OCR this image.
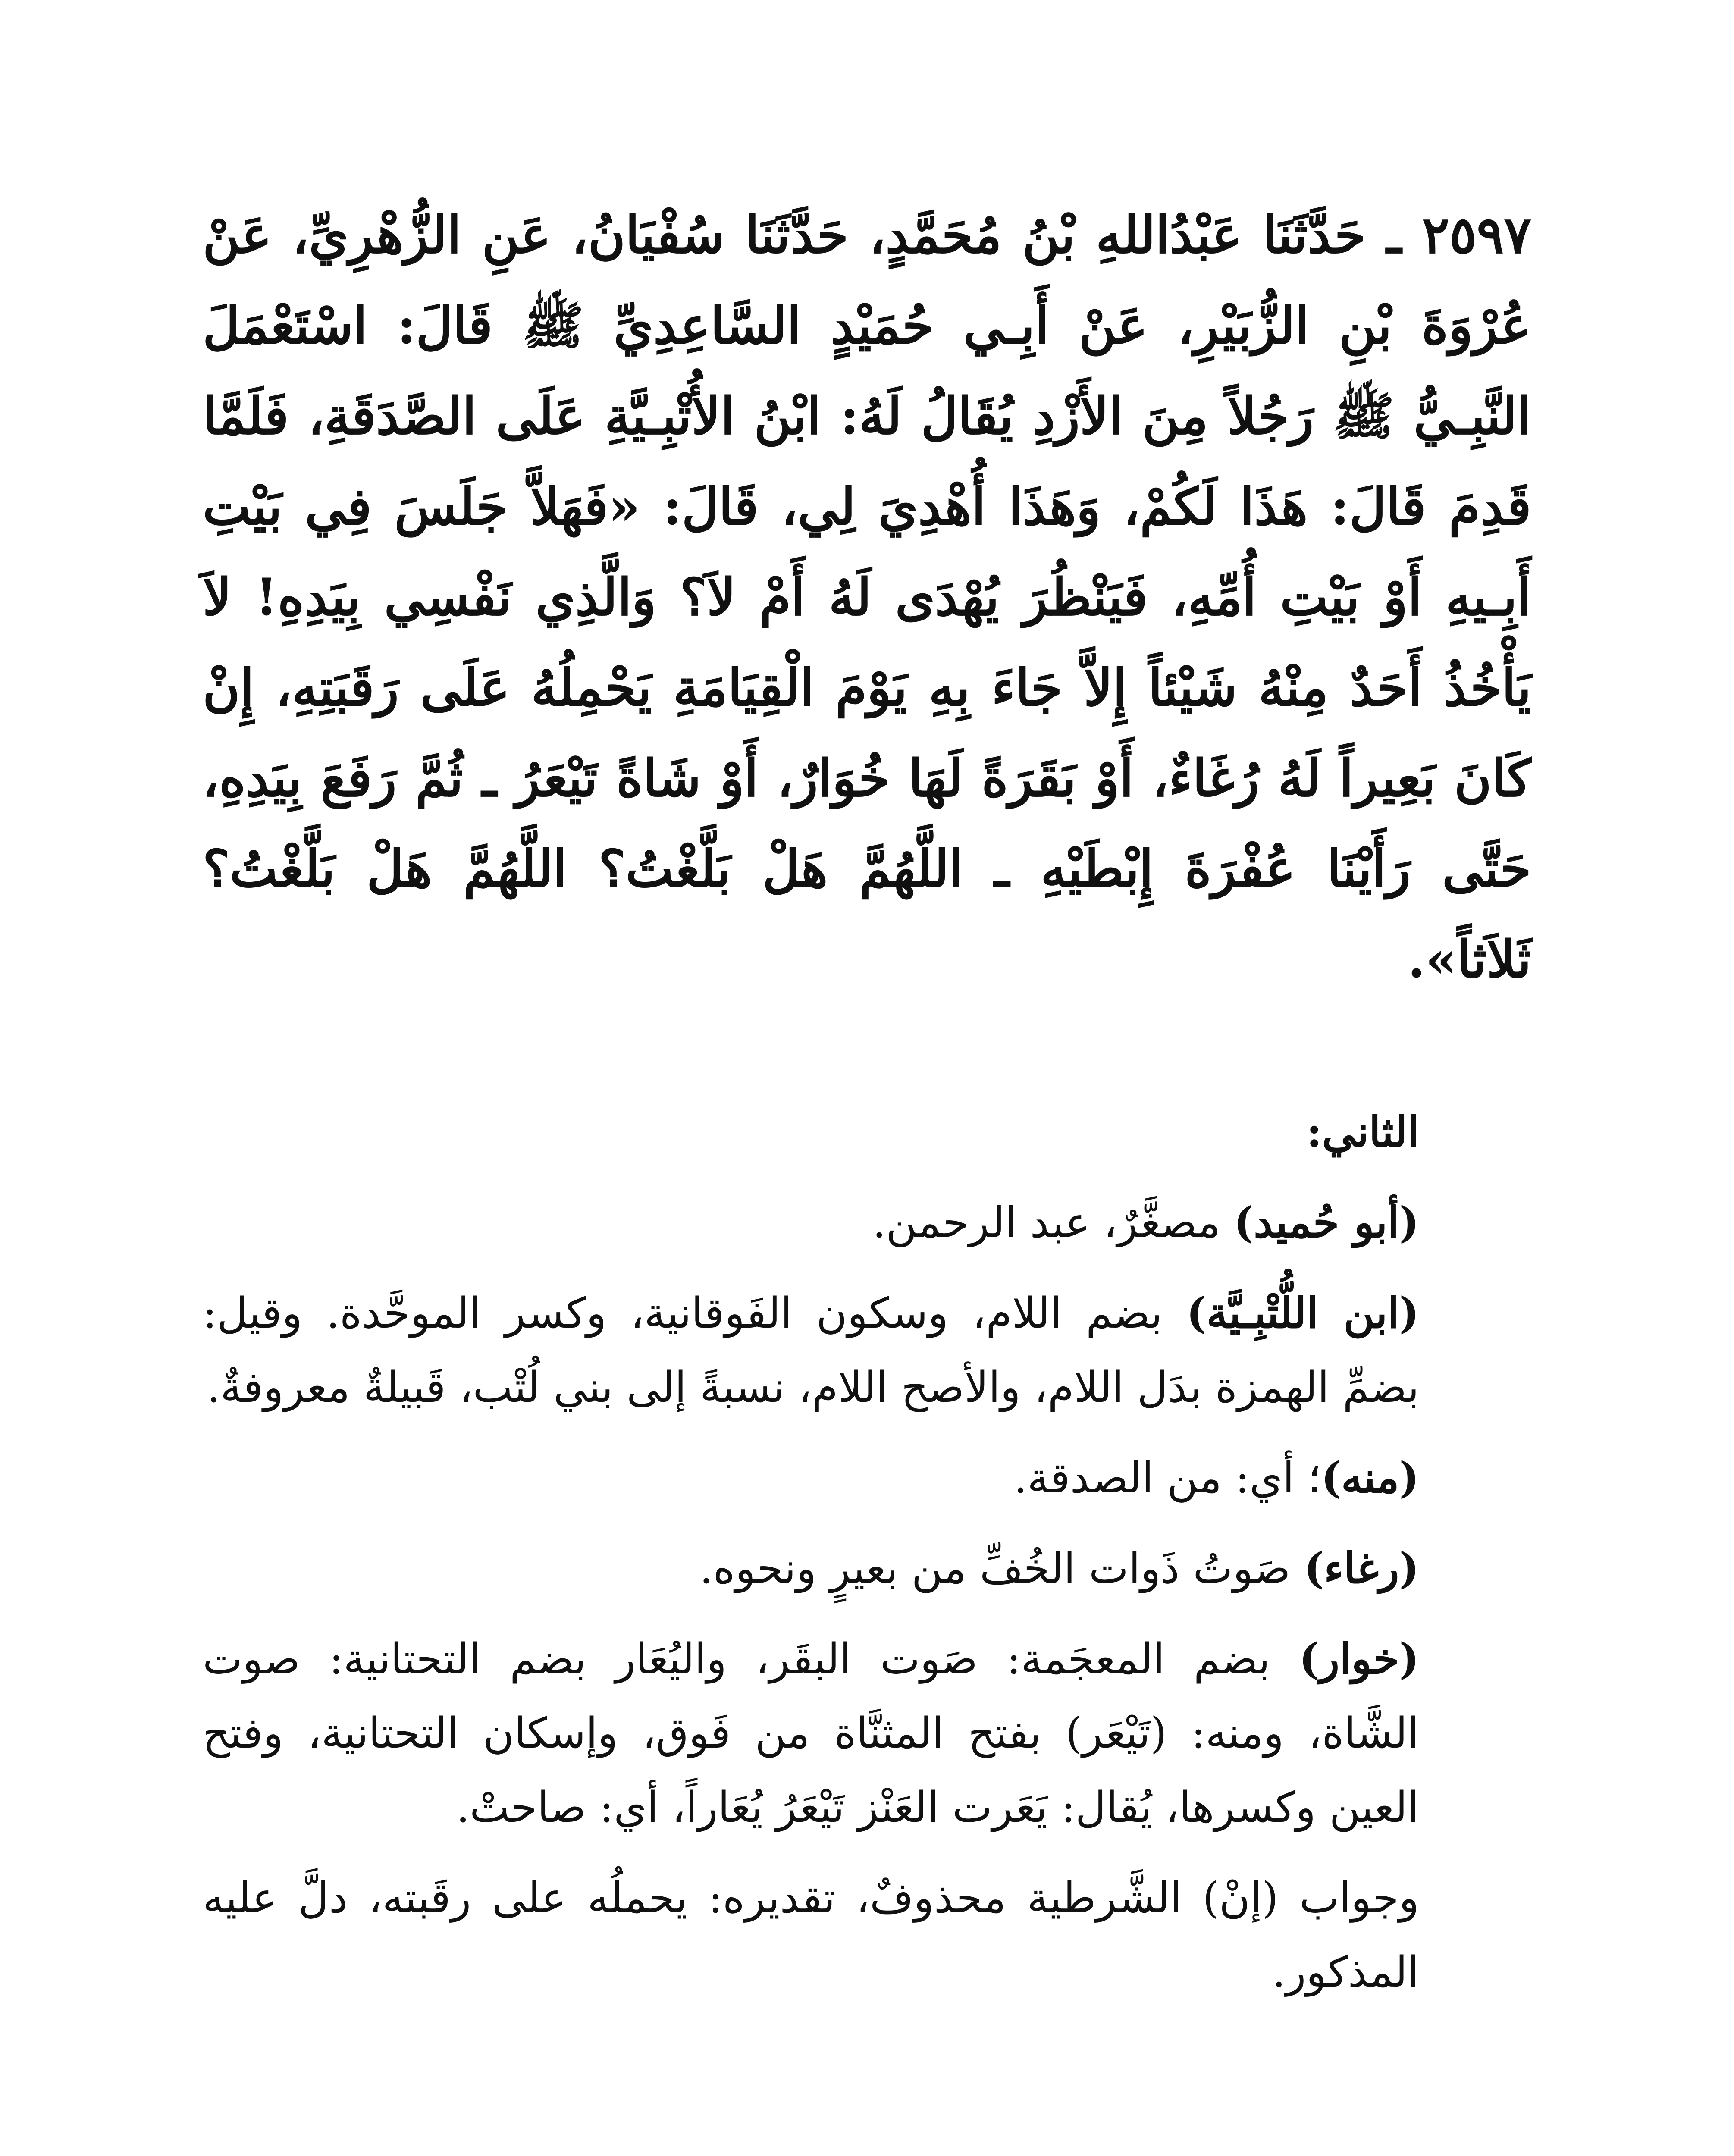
٢٥٩٧ ـ حَدَّثَنَا عَبْدُاللهِ بْنُ مُحَمَّدٍ، حَدَّثَنَا سُفْيَانُ، عَنِ الزُّهْرِيِّ، عَنْ عُرْوَةَ بْنِ الزُّبَيْرِ، عَنْ أَبِـي حُمَيْدٍ السَّاعِدِيِّ ﷺ قَالَ: اسْتَعْمَلَ النَّبِـيُّ ﷺ رَجُلاً مِنَ الأَزْدِ يُقَالُ لَهُ: ابْنُ الأُتْبِـيَّةِ عَلَى الصَّدَقَةِ، فَلَمَّا قَدِمَ قَالَ: هَذَا لَكُمْ، وَهَذَا أُهْدِيَ لِي، قَالَ: «فَهَلاَّ جَلَسَ فِي بَيْتِ أَبِـيهِ أَوْ بَيْتِ أُمِّهِ، فَيَنْظُرَ يُهْدَى لَهُ أَمْ لاَ؟ وَالَّذِي نَفْسِي بِيَدِهِ! لاَ يَأْخُذُ أَحَدٌ مِنْهُ شَيْئاً إِلاَّ جَاءَ بِهِ يَوْمَ الْقِيَامَةِ يَحْمِلُهُ عَلَى رَقَبَتِهِ، إِنْ كَانَ بَعِيراً لَهُ رُغَاءٌ، أَوْ بَقَرَةً لَهَا خُوَارٌ، أَوْ شَاةً تَيْعَرُ ـ ثُمَّ رَفَعَ بِيَدِهِ، حَتَّى رَأَيْنَا عُفْرَةَ إِبْطَيْهِ ـ اللَّهُمَّ هَلْ بَلَّغْتُ؟ اللَّهُمَّ هَلْ بَلَّغْتُ؟ ثَلاَثاً».

الثاني:

(أبو حُميد) مصغَّرٌ، عبد الرحمن.

(ابن اللُّتْبِـيَّة) بضم اللام، وسكون الفَوقانية، وكسر الموحَّدة. وقيل: بضمِّ الهمزة بدَل اللام، والأصح اللام، نسبةً إلى بني لُتْب، قَبيلةٌ معروفةٌ.

(منه)؛ أي: من الصدقة.

(رغاء) صَوتُ ذَوات الخُفِّ من بعيرٍ ونحوه.

(خوار) بضم المعجَمة: صَوت البقَر، واليُعَار بضم التحتانية: صوت الشَّاة، ومنه: (تَيْعَر) بفتح المثنَّاة من فَوق، وإسكان التحتانية، وفتح العين وكسرها، يُقال: يَعَرت العَنْز تَيْعَرُ يُعَاراً، أي: صاحتْ.

وجواب (إنْ) الشَّرطية محذوفٌ، تقديره: يحملُه على رقَبته، دلَّ عليه المذكور.
